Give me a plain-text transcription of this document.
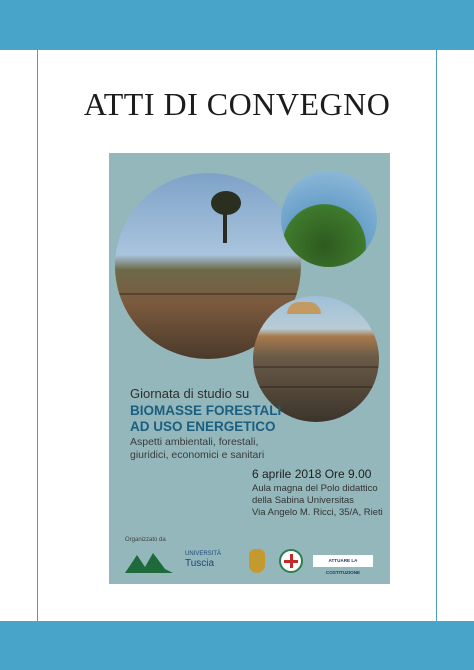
ATTI DI CONVEGNO
Giornata di studio su
BIOMASSE FORESTALI
AD USO ENERGETICO
Aspetti ambientali, forestali,
giuridici, economici e sanitari
6 aprile 2018 Ore 9.00
Aula magna del Polo didattico
della Sabina Universitas
Via Angelo M. Ricci, 35/A, Rieti
Organizzato da
UNIVERSITÀ
Tuscia	ATTUARE LA COSTITUZIONE
